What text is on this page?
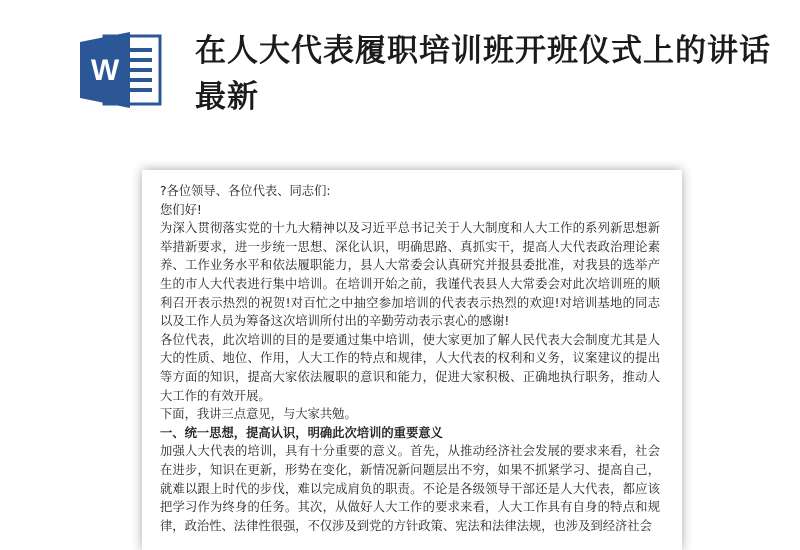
W
在人大代表履职培训班开班仪式上的讲话最新

?各位领导、各位代表、同志们:

您们好!

为深入贯彻落实党的十九大精神以及习近平总书记关于人大制度和人大工作的系列新思想新举措新要求，进一步统一思想、深化认识，明确思路、真抓实干，提高人大代表政治理论素养、工作业务水平和依法履职能力，县人大常委会认真研究并报县委批准，对我县的选举产生的市人大代表进行集中培训。在培训开始之前，我谨代表县人大常委会对此次培训班的顺利召开表示热烈的祝贺!对百忙之中抽空参加培训的代表表示热烈的欢迎!对培训基地的同志以及工作人员为筹备这次培训所付出的辛勤劳动表示衷心的感谢!

各位代表，此次培训的目的是要通过集中培训，使大家更加了解人民代表大会制度尤其是人大的性质、地位、作用，人大工作的特点和规律，人大代表的权利和义务，议案建议的提出等方面的知识，提高大家依法履职的意识和能力，促进大家积极、正确地执行职务，推动人大工作的有效开展。

下面，我讲三点意见，与大家共勉。

一、统一思想，提高认识，明确此次培训的重要意义

加强人大代表的培训，具有十分重要的意义。首先，从推动经济社会发展的要求来看，社会在进步，知识在更新，形势在变化，新情况新问题层出不穷，如果不抓紧学习、提高自己，就难以跟上时代的步伐，难以完成肩负的职责。不论是各级领导干部还是人大代表，都应该把学习作为终身的任务。其次，从做好人大工作的要求来看，人大工作具有自身的特点和规律，政治性、法律性很强，不仅涉及到党的方针政策、宪法和法律法规，也涉及到经济社会
